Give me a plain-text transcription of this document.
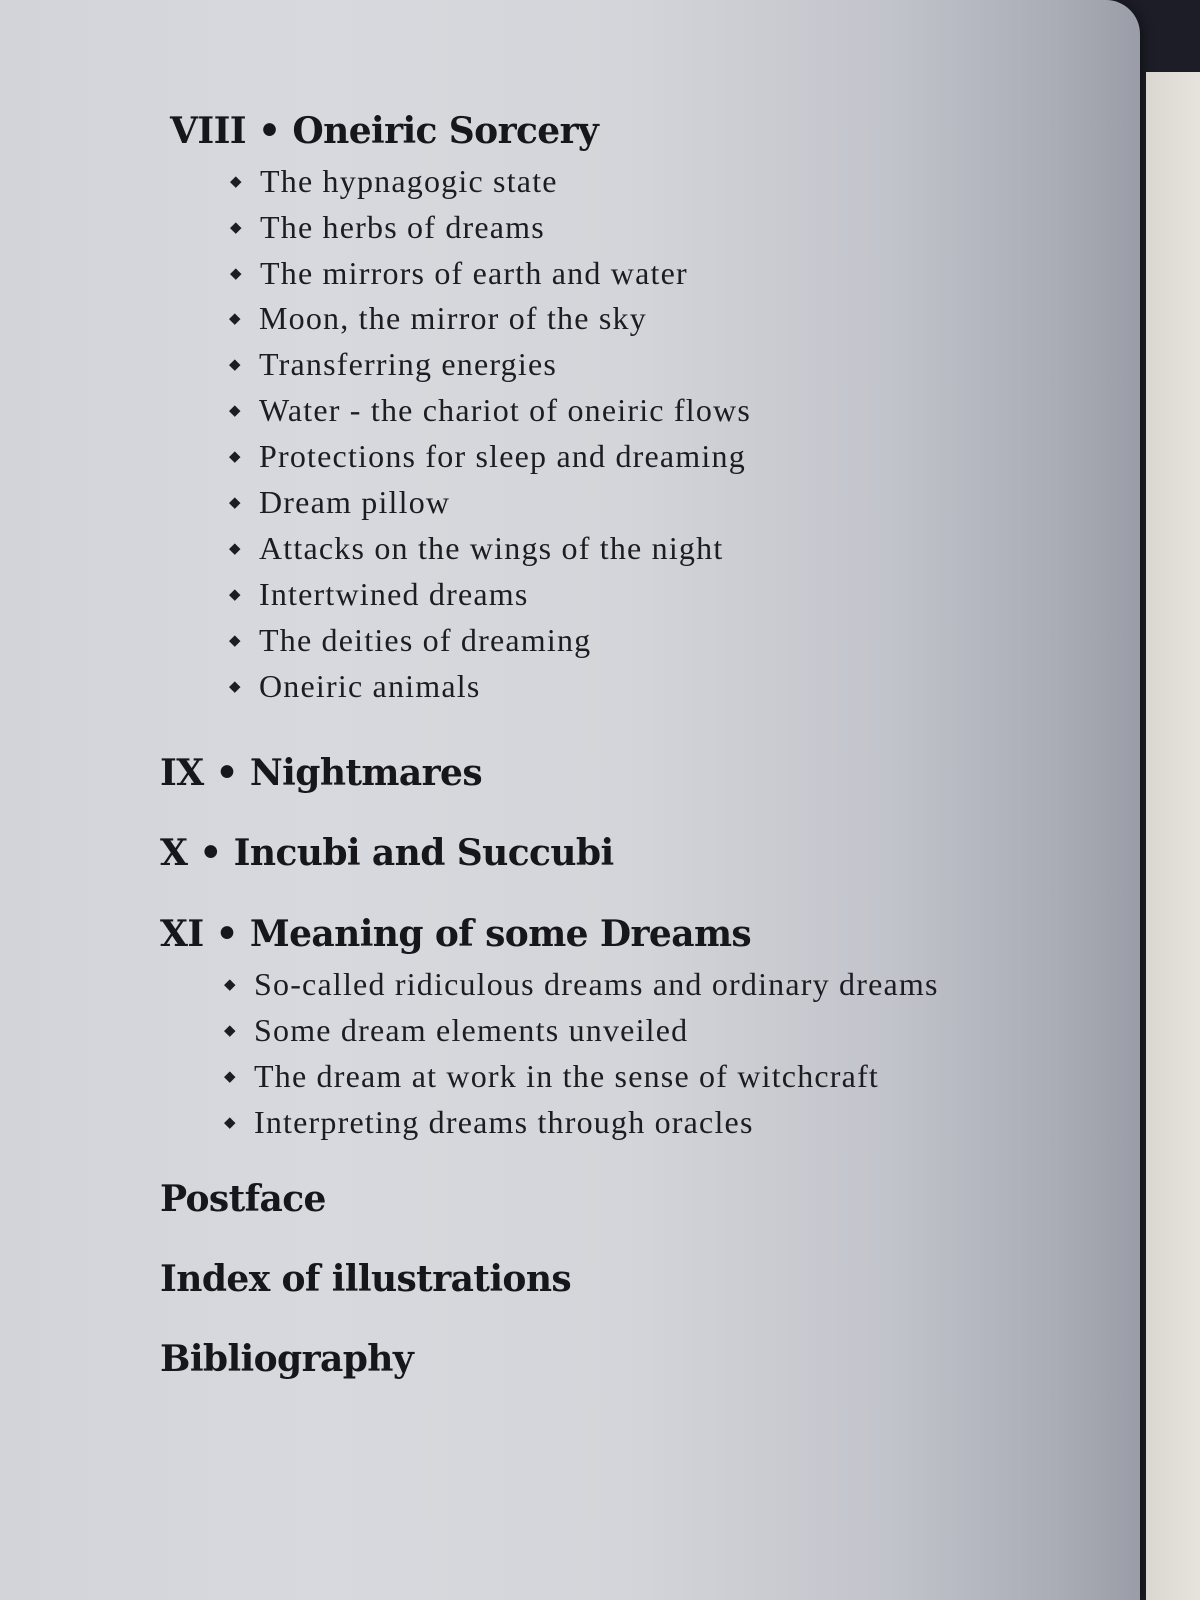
VIII • Oneiric Sorcery
◆ The hypnagogic state
◆ The herbs of dreams
◆ The mirrors of earth and water
◆ Moon, the mirror of the sky
◆ Transferring energies
◆ Water - the chariot of oneiric flows
◆ Protections for sleep and dreaming
◆ Dream pillow
◆ Attacks on the wings of the night
◆ Intertwined dreams
◆ The deities of dreaming
◆ Oneiric animals
IX • Nightmares
X • Incubi and Succubi
XI • Meaning of some Dreams
◆ So-called ridiculous dreams and ordinary dreams
◆ Some dream elements unveiled
◆ The dream at work in the sense of witchcraft
◆ Interpreting dreams through oracles
Postface
Index of illustrations
Bibliography
